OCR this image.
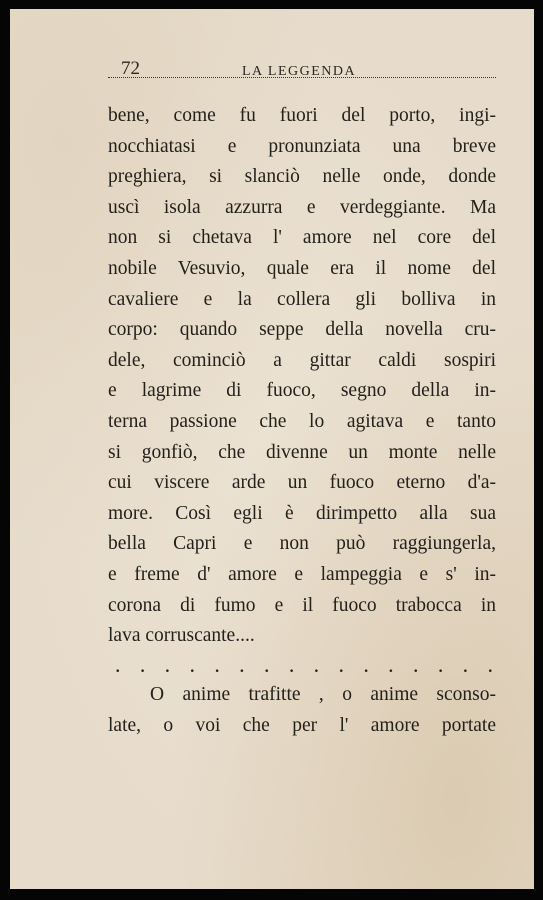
72	LA LEGGENDA
bene, come fu fuori del porto, ingi-
nocchiatasi e pronunziata una breve
preghiera, si slanciò nelle onde, donde
uscì isola azzurra e verdeggiante. Ma
non si chetava l' amore nel core del
nobile Vesuvio, quale era il nome del
cavaliere e la collera gli bolliva in
corpo: quando seppe della novella cru-
dele, cominciò a gittar caldi sospiri
e lagrime di fuoco, segno della in-
terna passione che lo agitava e tanto
si gonfiò, che divenne un monte nelle
cui viscere arde un fuoco eterno d'a-
more. Così egli è dirimpetto alla sua
bella Capri e non può raggiungerla,
e freme d' amore e lampeggia e s' in-
corona di fumo e il fuoco trabocca in
lava corruscante....
. . . . . . . . . . . . . . . .
O anime trafitte , o anime sconso-
late, o voi che per l' amore portate
